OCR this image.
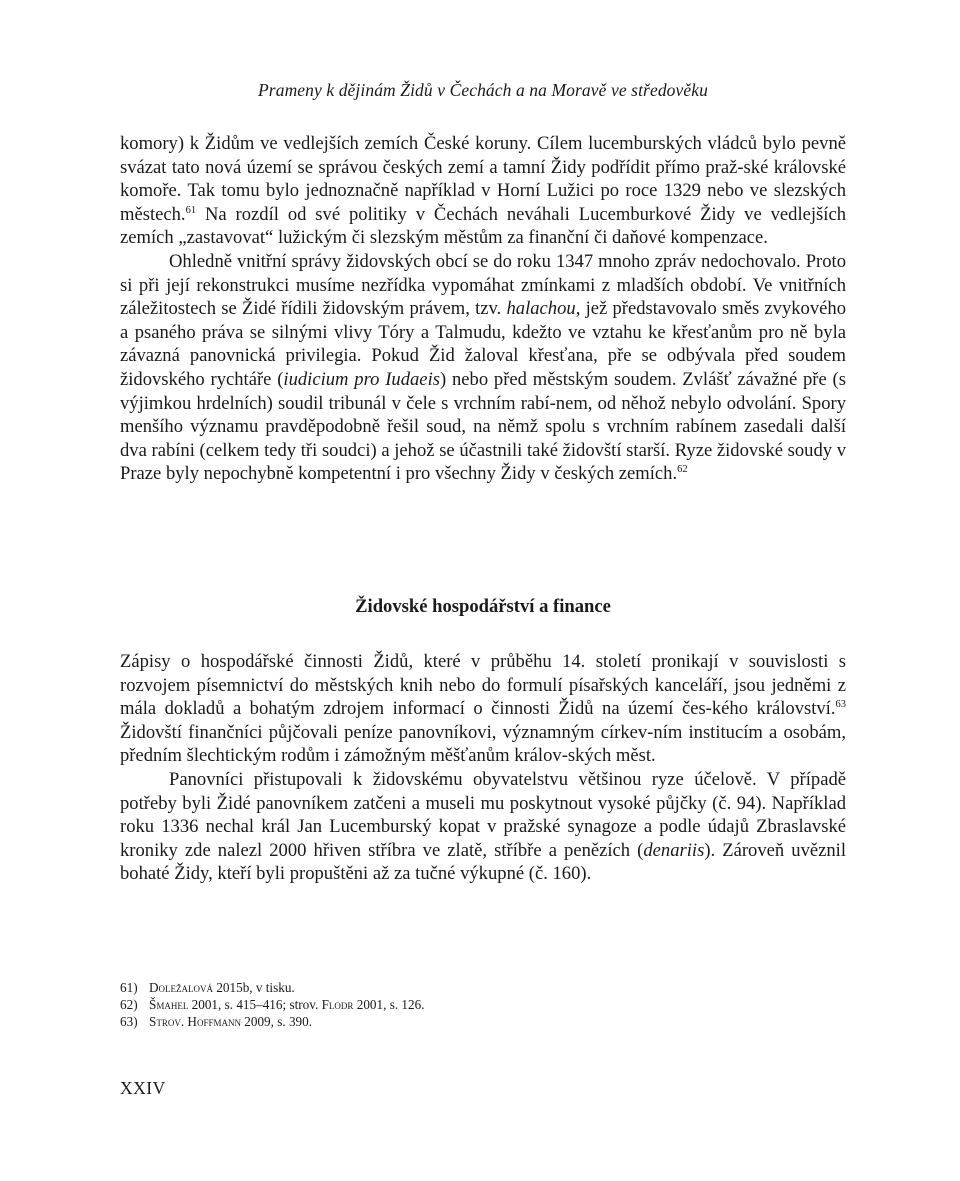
Prameny k dějinám Židů v Čechách a na Moravě ve středověku

komory) k Židům ve vedlejších zemích České koruny. Cílem lucemburských vládců bylo pevně svázat tato nová území se správou českých zemí a tamní Židy podřídit přímo praž-ské královské komoře. Tak tomu bylo jednoznačně například v Horní Lužici po roce 1329 nebo ve slezských městech.$^{61}$ Na rozdíl od své politiky v Čechách neváhali Lucemburkové Židy ve vedlejších zemích „zastavovat“ lužickým či slezským městům za finanční či daňové kompenzace.

Ohledně vnitřní správy židovských obcí se do roku 1347 mnoho zpráv nedochovalo. Proto si při její rekonstrukci musíme nezřídka vypomáhat zmínkami z mladších období. Ve vnitřních záležitostech se Židé řídili židovským právem, tzv. halachou, jež představovalo směs zvykového a psaného práva se silnými vlivy Tóry a Talmudu, kdežto ve vztahu ke křesťanům pro ně byla závazná panovnická privilegia. Pokud Žid žaloval křesťana, pře se odbývala před soudem židovského rychtáře (iudicium pro Iudaeis) nebo před městským soudem. Zvlášť závažné pře (s výjimkou hrdelních) soudil tribunál v čele s vrchním rabí-nem, od něhož nebylo odvolání. Spory menšího významu pravděpodobně řešil soud, na němž spolu s vrchním rabínem zasedali další dva rabíni (celkem tedy tři soudci) a jehož se účastnili také židovští starší. Ryze židovské soudy v Praze byly nepochybně kompetentní i pro všechny Židy v českých zemích.$^{62}$

Židovské hospodářství a finance

Zápisy o hospodářské činnosti Židů, které v průběhu 14. století pronikají v souvislosti s rozvojem písemnictví do městských knih nebo do formulí písařských kanceláří, jsou jedněmi z mála dokladů a bohatým zdrojem informací o činnosti Židů na území čes-kého království.$^{63}$ Židovští finančníci půjčovali peníze panovníkovi, významným církev-ním institucím a osobám, předním šlechtickým rodům i zámožným měšťanům králov-ských měst.

Panovníci přistupovali k židovskému obyvatelstvu většinou ryze účelově. V případě potřeby byli Židé panovníkem zatčeni a museli mu poskytnout vysoké půjčky (č. 94). Například roku 1336 nechal král Jan Lucemburský kopat v pražské synagoze a podle údajů Zbraslavské kroniky zde nalezl 2000 hřiven stříbra ve zlatě, stříbře a penězích (denariis). Zároveň uvěznil bohaté Židy, kteří byli propuštěni až za tučné výkupné (č. 160).

61) Doležalová 2015b, v tisku.
62) Šmahel 2001, s. 415–416; strov. Flodr 2001, s. 126.
63) Strov. Hoffmann 2009, s. 390.
XXIV
